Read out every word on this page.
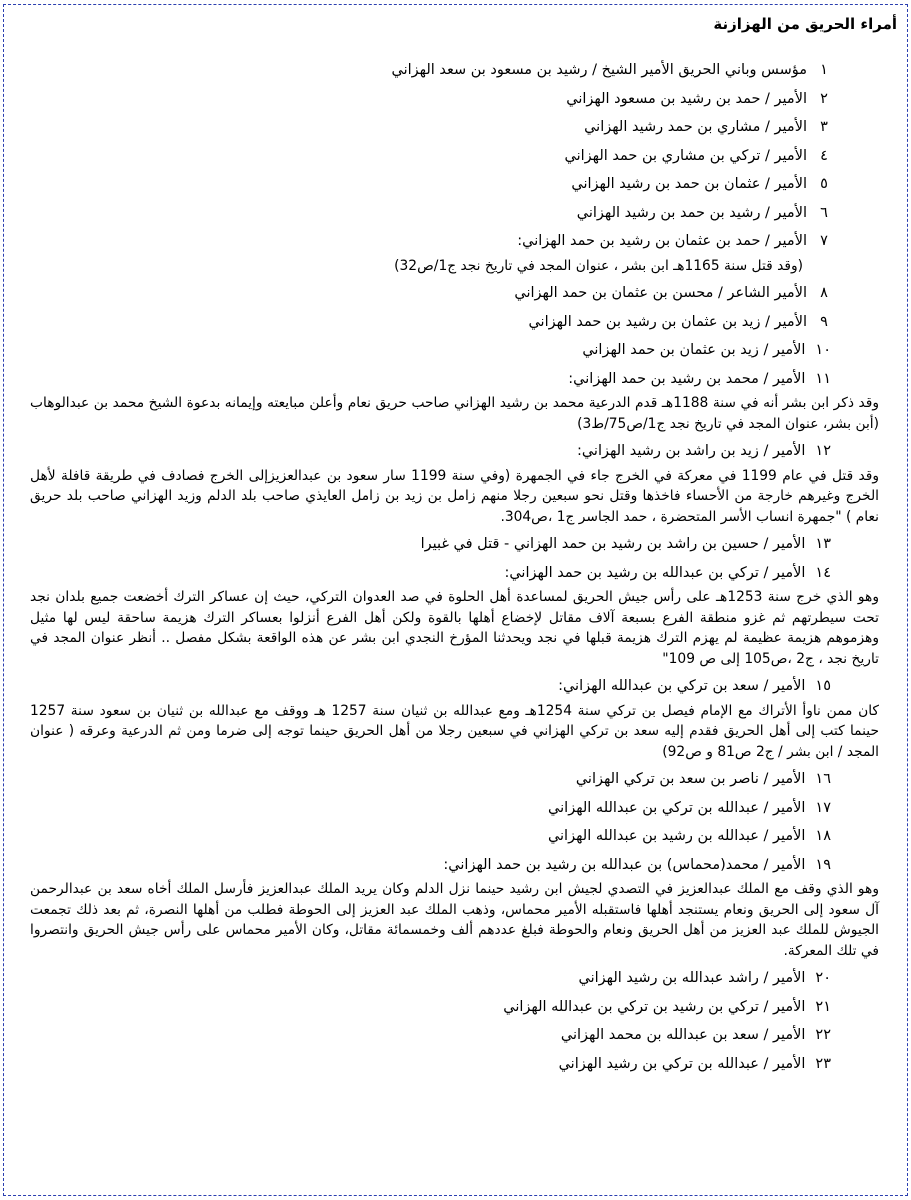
أمراء الحريق من الهزازنة
١
مؤسس وباني الحريق الأمير الشيخ / رشيد بن مسعود بن سعد الهزاني
٢
الأمير / حمد بن رشيد بن مسعود الهزاني
٣
الأمير / مشاري بن حمد رشيد الهزاني
٤
الأمير / تركي بن مشاري بن حمد الهزاني
٥
الأمير / عثمان بن حمد بن رشيد الهزاني
٦
الأمير / رشيد بن حمد بن رشيد الهزاني
٧
الأمير / حمد بن عثمان بن رشيد بن حمد الهزاني:
(وقد قتل سنة 1165هـ ابن بشر ، عنوان المجد في تاريخ نجد ج1/ص32)
٨
الأمير الشاعر / محسن بن عثمان بن حمد الهزاني
٩
الأمير / زيد بن عثمان بن رشيد بن حمد الهزاني
١٠
الأمير / زيد بن عثمان بن حمد الهزاني
١١
الأمير / محمد بن رشيد بن حمد الهزاني:
وقد ذكر ابن بشر أنه في سنة 1188هـ قدم الدرعية محمد بن رشيد الهزاني صاحب حريق نعام وأعلن مبايعته وإيمانه بدعوة الشيخ محمد بن عبدالوهاب (أبن بشر، عنوان المجد في تاريخ نجد ج1/ص75/ط3)
١٢
الأمير / زيد بن راشد بن رشيد الهزاني:
وقد قتل في عام 1199 في معركة في الخرج جاء في الجمهرة (وفي سنة 1199 سار سعود بن عبدالعزيزإلى الخرج فصادف في طريقة قافلة لأهل الخرج وغيرهم خارجة من الأحساء فاخذها وقتل نحو سبعين رجلا منهم زامل بن زيد بن زامل العايذي صاحب بلد الدلم وزيد الهزاني صاحب بلد حريق نعام ) "جمهرة انساب الأسر المتحضرة ، حمد الجاسر ج1 ،ص304.
١٣
الأمير / حسين بن راشد بن رشيد بن حمد الهزاني - قتل في غبيرا
١٤
الأمير / تركي بن عبدالله بن رشيد بن حمد الهزاني:
وهو الذي خرج سنة 1253هـ على رأس جيش الحريق لمساعدة أهل الحلوة في صد العدوان التركي، حيث إن عساكر الترك أخضعت جميع بلدان نجد تحت سيطرتهم ثم غزو منطقة الفرع بسبعة آلاف مقاتل لإخضاع أهلها بالقوة ولكن أهل الفرع أنزلوا بعساكر الترك هزيمة ساحقة ليس لها مثيل وهزموهم هزيمة عظيمة لم يهزم الترك هزيمة قبلها في نجد ويحدثنا المؤرخ النجدي ابن بشر عن هذه الواقعة بشكل مفصل .. أنظر عنوان المجد في تاريخ نجد ، ج2 ،ص105 إلى ص 109"
١٥
الأمير / سعد بن تركي بن عبدالله الهزاني:
كان ممن ناوأ الأتراك مع الإمام فيصل بن تركي سنة 1254هـ ومع عبدالله بن ثنيان سنة 1257 هـ ووقف مع عبدالله بن ثنيان بن سعود سنة 1257 حينما كتب إلى أهل الحريق فقدم إليه سعد بن تركي الهزاني في سبعين رجلا من أهل الحريق حينما توجه إلى ضرما ومن ثم الدرعية وعرقه ( عنوان المجد / ابن بشر / ج2 ص81 و ص92)
١٦
الأمير / ناصر بن سعد بن تركي الهزاني
١٧
الأمير / عبدالله بن تركي بن عبدالله الهزاني
١٨
الأمير / عبدالله بن رشيد بن عبدالله الهزاني
١٩
الأمير / محمد(محماس) بن عبدالله بن رشيد بن حمد الهزاني:
وهو الذي وقف مع الملك عبدالعزيز في التصدي لجيش ابن رشيد حينما نزل الدلم وكان يريد الملك عبدالعزيز فأرسل الملك أخاه سعد بن عبدالرحمن آل سعود إلى الحريق ونعام يستنجد أهلها فاستقبله الأمير محماس، وذهب الملك عبد العزيز إلى الحوطة فطلب من أهلها النصرة، ثم بعد ذلك تجمعت الجيوش للملك عبد العزيز من أهل الحريق ونعام والحوطة فبلغ عددهم ألف وخمسمائة مقاتل، وكان الأمير محماس على رأس جيش الحريق وانتصروا في تلك المعركة.
٢٠
الأمير / راشد عبدالله بن رشيد الهزاني
٢١
الأمير / تركي بن رشيد بن تركي بن عبدالله الهزاني
٢٢
الأمير / سعد بن عبدالله بن محمد الهزاني
٢٣
الأمير / عبدالله بن تركي بن رشيد الهزاني
